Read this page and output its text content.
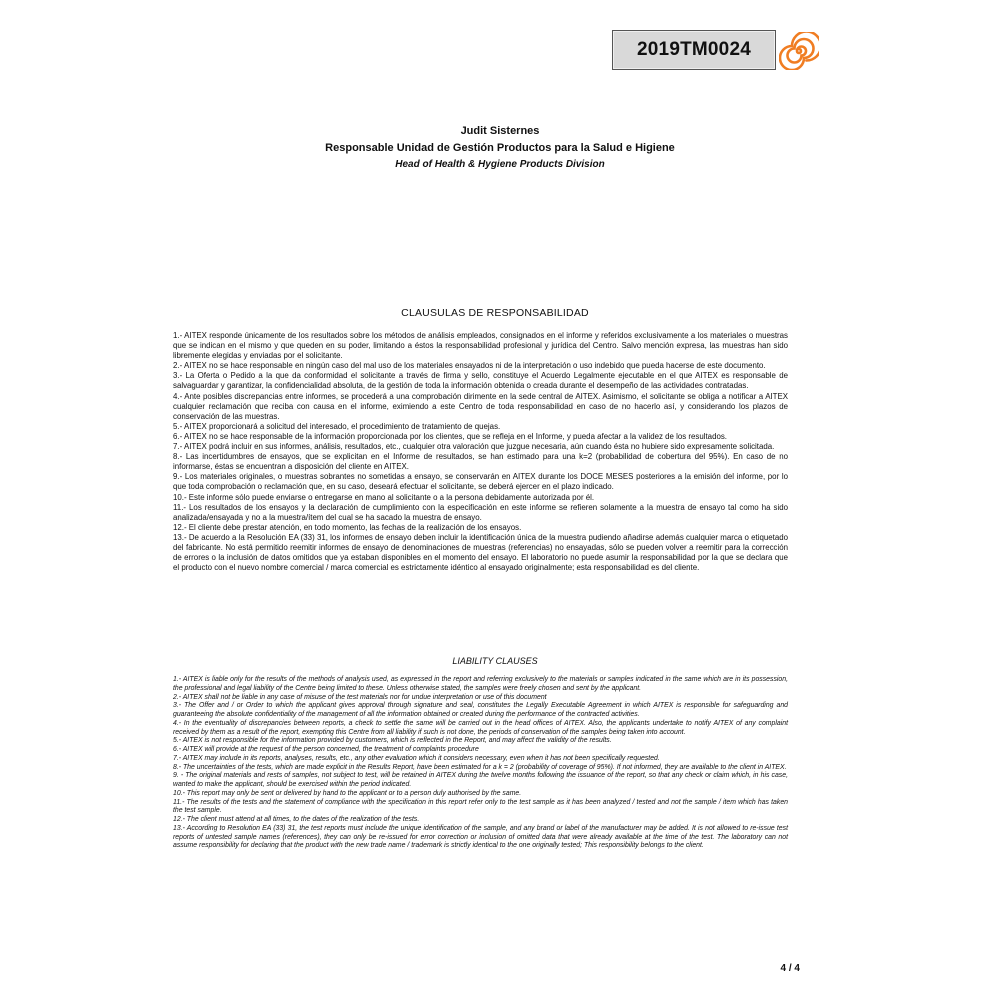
2019TM0024
Judit Sisternes
Responsable Unidad de Gestión Productos para la Salud e Higiene
Head of Health & Hygiene Products Division
CLAUSULAS DE RESPONSABILIDAD

1.- AITEX responde únicamente de los resultados sobre los métodos de análisis empleados, consignados en el informe y referidos exclusivamente a los materiales o muestras que se indican en el mismo y que queden en su poder, limitando a éstos la responsabilidad profesional y jurídica del Centro. Salvo mención expresa, las muestras han sido libremente elegidas y enviadas por el solicitante.

2.- AITEX no se hace responsable en ningún caso del mal uso de los materiales ensayados ni de la interpretación o uso indebido que pueda hacerse de este documento.

3.- La Oferta o Pedido a la que da conformidad el solicitante a través de firma y sello, constituye el Acuerdo Legalmente ejecutable en el que AITEX es responsable de salvaguardar y garantizar, la confidencialidad absoluta, de la gestión de toda la información obtenida o creada durante el desempeño de las actividades contratadas.

4.- Ante posibles discrepancias entre informes, se procederá a una comprobación dirimente en la sede central de AITEX. Asimismo, el solicitante se obliga a notificar a AITEX cualquier reclamación que reciba con causa en el informe, eximiendo a este Centro de toda responsabilidad en caso de no hacerlo así, y considerando los plazos de conservación de las muestras.

5.- AITEX proporcionará a solicitud del interesado, el procedimiento de tratamiento de quejas.

6.- AITEX no se hace responsable de la información proporcionada por los clientes, que se refleja en el Informe, y pueda afectar a la validez de los resultados.

7.- AITEX podrá incluir en sus informes, análisis, resultados, etc., cualquier otra valoración que juzgue necesaria, aún cuando ésta no hubiere sido expresamente solicitada.

8.- Las incertidumbres de ensayos, que se explicitan en el Informe de resultados, se han estimado para una k=2 (probabilidad de cobertura del 95%). En caso de no informarse, éstas se encuentran a disposición del cliente en AITEX.

9.- Los materiales originales, o muestras sobrantes no sometidas a ensayo, se conservarán en AITEX durante los DOCE MESES posteriores a la emisión del informe, por lo que toda comprobación o reclamación que, en su caso, deseará efectuar el solicitante, se deberá ejercer en el plazo indicado.

10.- Este informe sólo puede enviarse o entregarse en mano al solicitante o a la persona debidamente autorizada por él.

11.- Los resultados de los ensayos y la declaración de cumplimiento con la especificación en este informe se refieren solamente a la muestra de ensayo tal como ha sido analizada/ensayada y no a la muestra/ítem del cual se ha sacado la muestra de ensayo.

12.- El cliente debe prestar atención, en todo momento, las fechas de la realización de los ensayos.

13.- De acuerdo a la Resolución EA (33) 31, los informes de ensayo deben incluir la identificación única de la muestra pudiendo añadirse además cualquier marca o etiquetado del fabricante. No está permitido reemitir informes de ensayo de denominaciones de muestras (referencias) no ensayadas, sólo se pueden volver a reemitir para la corrección de errores o la inclusión de datos omitidos que ya estaban disponibles en el momento del ensayo. El laboratorio no puede asumir la responsabilidad por la que se declara que el producto con el nuevo nombre comercial / marca comercial es estrictamente idéntico al ensayado originalmente; esta responsabilidad es del cliente.

LIABILITY CLAUSES

1.- AITEX is liable only for the results of the methods of analysis used, as expressed in the report and referring exclusively to the materials or samples indicated in the same which are in its possession, the professional and legal liability of the Centre being limited to these. Unless otherwise stated, the samples were freely chosen and sent by the applicant.

2.- AITEX shall not be liable in any case of misuse of the test materials nor for undue interpretation or use of this document

3.- The Offer and / or Order to which the applicant gives approval through signature and seal, constitutes the Legally Executable Agreement in which AITEX is responsible for safeguarding and guaranteeing the absolute confidentiality of the management of all the information obtained or created during the performance of the contracted activities.

4.- In the eventuality of discrepancies between reports, a check to settle the same will be carried out in the head offices of AITEX. Also, the applicants undertake to notify AITEX of any complaint received by them as a result of the report, exempting this Centre from all liability if such is not done, the periods of conservation of the samples being taken into account.

5.- AITEX is not responsible for the information provided by customers, which is reflected in the Report, and may affect the validity of the results.

6.- AITEX will provide at the request of the person concerned, the treatment of complaints procedure

7.- AITEX may include in its reports, analyses, results, etc., any other evaluation which it considers necessary, even when it has not been specifically requested.

8.- The uncertainties of the tests, which are made explicit in the Results Report, have been estimated for a k = 2 (probability of coverage of 95%). If not informed, they are available to the client in AITEX.

9. - The original materials and rests of samples, not subject to test, will be retained in AITEX during the twelve months following the issuance of the report, so that any check or claim which, in his case, wanted to make the applicant, should be exercised within the period indicated.

10.- This report may only be sent or delivered by hand to the applicant or to a person duly authorised by the same.

11.- The results of the tests and the statement of compliance with the specification in this report refer only to the test sample as it has been analyzed / tested and not the sample / item which has taken the test sample.

12.- The client must attend at all times, to the dates of the realization of the tests.

13.- According to Resolution EA (33) 31, the test reports must include the unique identification of the sample, and any brand or label of the manufacturer may be added. It is not allowed to re-issue test reports of untested sample names (references), they can only be re-issued for error correction or inclusion of omitted data that were already available at the time of the test. The laboratory can not assume responsibility for declaring that the product with the new trade name / trademark is strictly identical to the one originally tested; This responsibility belongs to the client.

4 / 4
